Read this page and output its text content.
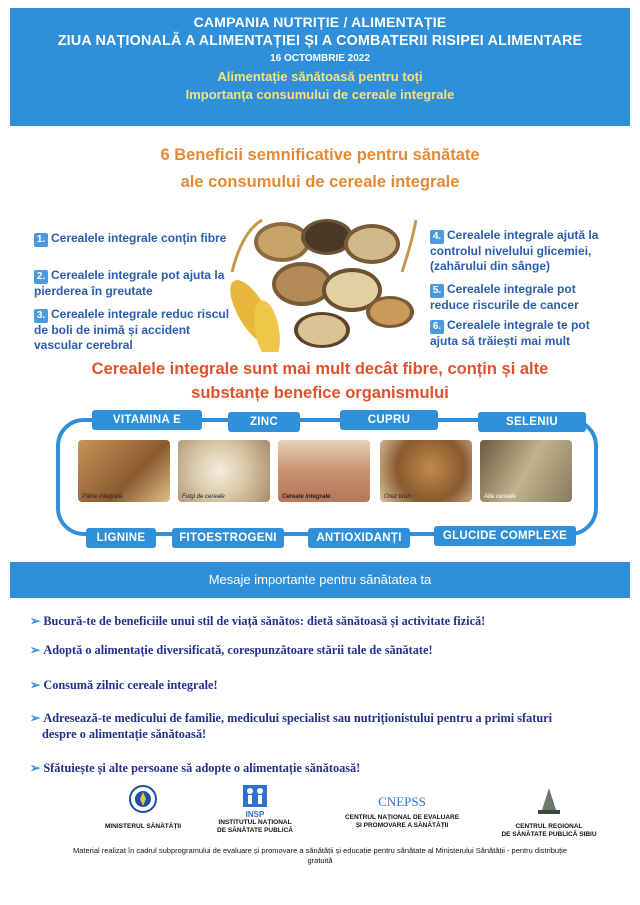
CAMPANIA NUTRIȚIE / ALIMENTAȚIE
ZIUA NAȚIONALĂ A ALIMENTAȚIEI ȘI A COMBATERII RISIPEI ALIMENTARE
16 OCTOMBRIE 2022
Alimentație sănătoasă pentru toți
Importanța consumului de cereale integrale
6 Beneficii semnificative pentru sănătate
ale consumului de cereale integrale
1. Cerealele integrale conțin fibre
2. Cerealele integrale pot ajuta la pierderea în greutate
3. Cerealele integrale reduc riscul de boli de inimă și accident vascular cerebral
4. Cerealele integrale ajută la controlul nivelului glicemiei, (zahărului din sânge)
5. Cerealele integrale pot reduce riscurile de cancer
6. Cerealele integrale te pot ajuta să trăiești mai mult
Cerealele integrale sunt mai mult decât fibre, conțin și alte
substanțe benefice organismului
VITAMINA E	ZINC	CUPRU	SELENIU
Pâine integrală	Fulgi de cereale	Cereale integrale	Orez brun	Alte cereale
LIGNINE	FITOESTROGENI	ANTIOXIDANȚI	GLUCIDE COMPLEXE
Mesaje importante pentru sănătatea ta
➢ Bucură-te de beneficiile unui stil de viață sănătos: dietă sănătoasă și activitate fizică!
➢ Adoptă o alimentație diversificată, corespunzătoare stării tale de sănătate!
➢ Consumă zilnic cereale integrale!
➢ Adresează-te medicului de familie, medicului specialist sau nutriționistului pentru a primi sfaturi
despre o alimentație sănătoasă!
➢ Sfătuiește și alte persoane să adopte o alimentație sănătoasă!
MINISTERUL SĂNĂTĂȚII
INSP
INSTITUTUL NAȚIONAL
DE SĂNĂTATE PUBLICĂ
CNEPSS
CENTRUL NAȚIONAL DE EVALUARE
ȘI PROMOVARE A SĂNĂTĂȚII	CENTRUL REGIONAL
DE SĂNĂTATE PUBLICĂ SIBIU
Material realizat în cadrul subprogramului de evaluare și promovare a sănătății și educație pentru sănătate al Ministerului Sănătății - pentru distribuție gratuită
